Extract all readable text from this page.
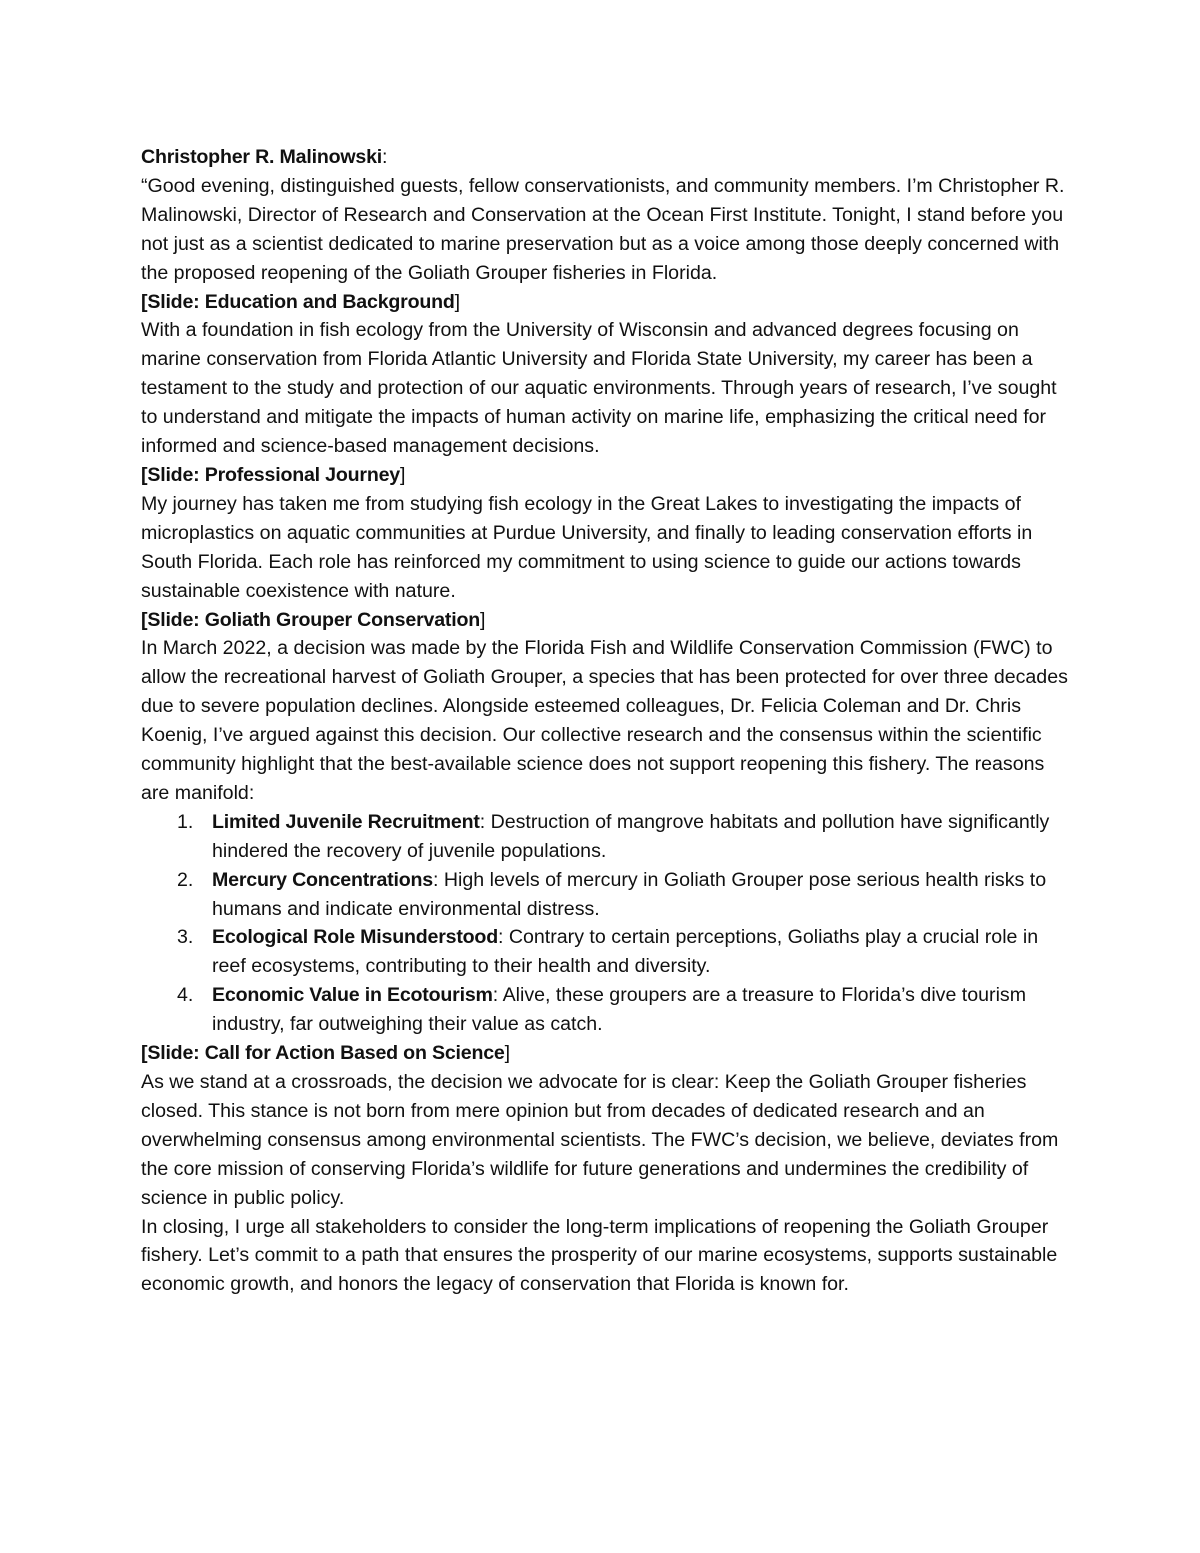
Christopher R. Malinowski:

“Good evening, distinguished guests, fellow conservationists, and community members. I’m Christopher R. Malinowski, Director of Research and Conservation at the Ocean First Institute. Tonight, I stand before you not just as a scientist dedicated to marine preservation but as a voice among those deeply concerned with the proposed reopening of the Goliath Grouper fisheries in Florida.

[Slide: Education and Background]

With a foundation in fish ecology from the University of Wisconsin and advanced degrees focusing on marine conservation from Florida Atlantic University and Florida State University, my career has been a testament to the study and protection of our aquatic environments. Through years of research, I’ve sought to understand and mitigate the impacts of human activity on marine life, emphasizing the critical need for informed and science-based management decisions.

[Slide: Professional Journey]

My journey has taken me from studying fish ecology in the Great Lakes to investigating the impacts of microplastics on aquatic communities at Purdue University, and finally to leading conservation efforts in South Florida. Each role has reinforced my commitment to using science to guide our actions towards sustainable coexistence with nature.

[Slide: Goliath Grouper Conservation]

In March 2022, a decision was made by the Florida Fish and Wildlife Conservation Commission (FWC) to allow the recreational harvest of Goliath Grouper, a species that has been protected for over three decades due to severe population declines. Alongside esteemed colleagues, Dr. Felicia Coleman and Dr. Chris Koenig, I’ve argued against this decision. Our collective research and the consensus within the scientific community highlight that the best-available science does not support reopening this fishery. The reasons are manifold:

1. Limited Juvenile Recruitment: Destruction of mangrove habitats and pollution have significantly hindered the recovery of juvenile populations.
2. Mercury Concentrations: High levels of mercury in Goliath Grouper pose serious health risks to humans and indicate environmental distress.
3. Ecological Role Misunderstood: Contrary to certain perceptions, Goliaths play a crucial role in reef ecosystems, contributing to their health and diversity.
4. Economic Value in Ecotourism: Alive, these groupers are a treasure to Florida’s dive tourism industry, far outweighing their value as catch.

[Slide: Call for Action Based on Science]

As we stand at a crossroads, the decision we advocate for is clear: Keep the Goliath Grouper fisheries closed. This stance is not born from mere opinion but from decades of dedicated research and an overwhelming consensus among environmental scientists. The FWC’s decision, we believe, deviates from the core mission of conserving Florida’s wildlife for future generations and undermines the credibility of science in public policy.

In closing, I urge all stakeholders to consider the long-term implications of reopening the Goliath Grouper fishery. Let’s commit to a path that ensures the prosperity of our marine ecosystems, supports sustainable economic growth, and honors the legacy of conservation that Florida is known for.
